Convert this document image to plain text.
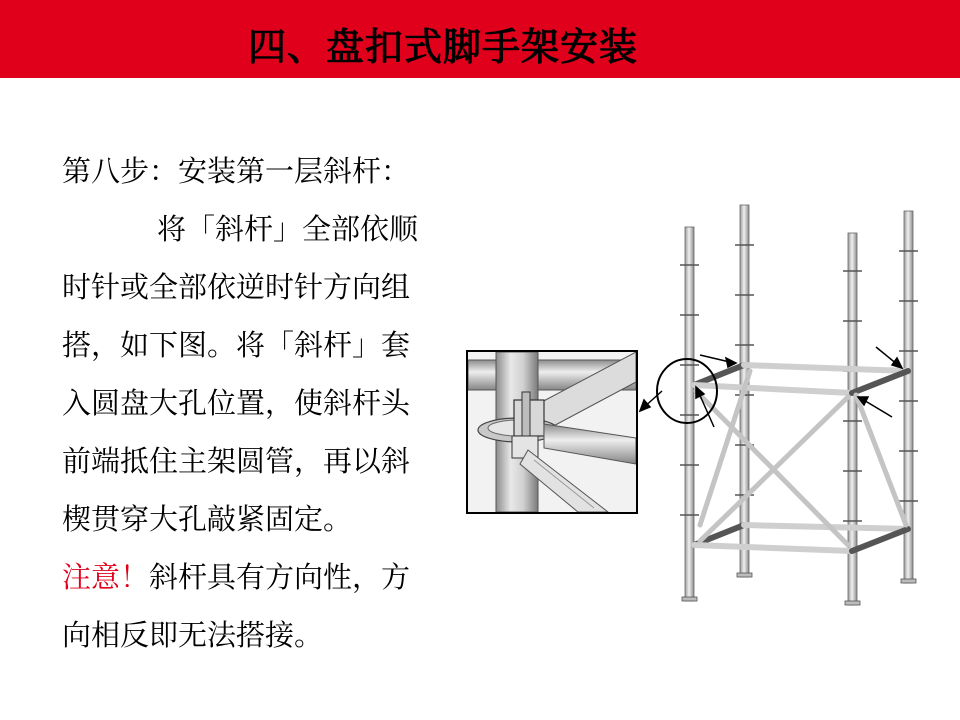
四、盘扣式脚手架安装
第八步：安装第一层斜杆：
将「斜杆」全部依顺
时针或全部依逆时针方向组
搭，如下图。将「斜杆」套
入圆盘大孔位置，使斜杆头
前端抵住主架圆管，再以斜
楔贯穿大孔敲紧固定。
注意！斜杆具有方向性，方
向相反即无法搭接。
